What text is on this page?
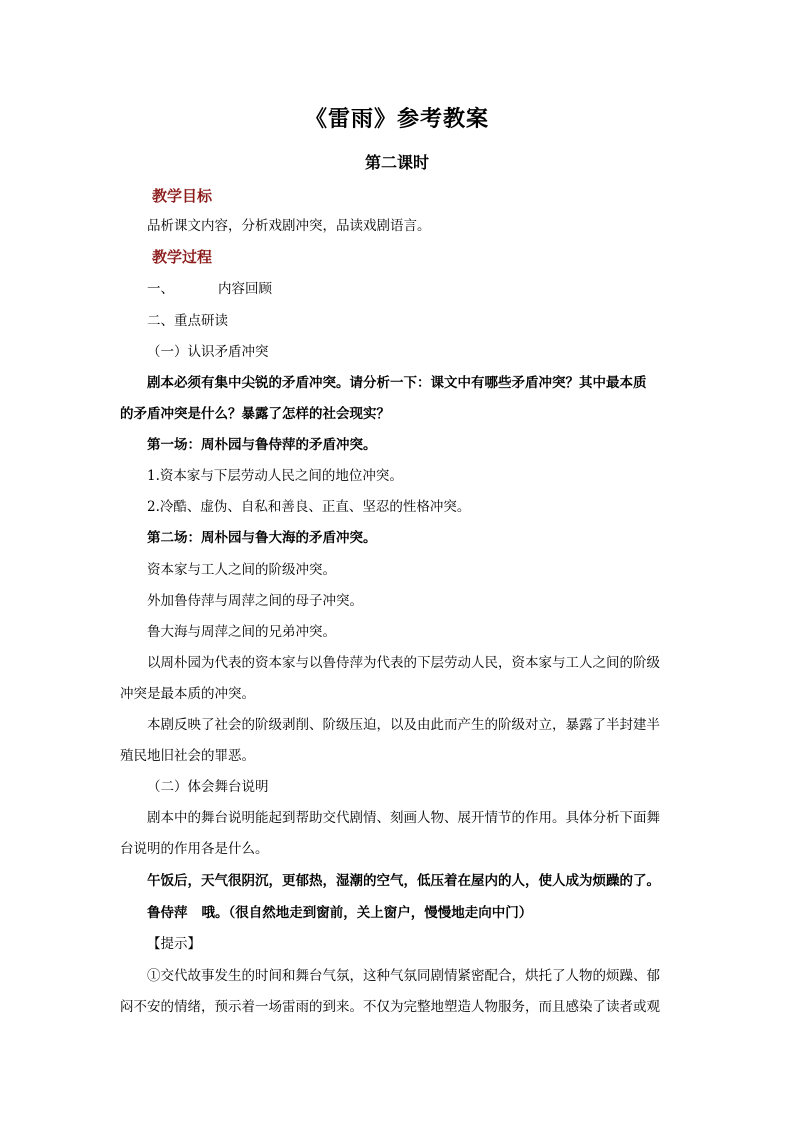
《雷雨》参考教案
第二课时
教学目标
品析课文内容，分析戏剧冲突，品读戏剧语言。
教学过程
一、	内容回顾
二、重点研读
（一）认识矛盾冲突
剧本必须有集中尖锐的矛盾冲突。请分析一下：课文中有哪些矛盾冲突？其中最本质
的矛盾冲突是什么？暴露了怎样的社会现实？
第一场：周朴园与鲁侍萍的矛盾冲突。
1.资本家与下层劳动人民之间的地位冲突。
2.冷酷、虚伪、自私和善良、正直、坚忍的性格冲突。
第二场：周朴园与鲁大海的矛盾冲突。
资本家与工人之间的阶级冲突。
外加鲁侍萍与周萍之间的母子冲突。
鲁大海与周萍之间的兄弟冲突。
以周朴园为代表的资本家与以鲁侍萍为代表的下层劳动人民，资本家与工人之间的阶级
冲突是最本质的冲突。
本剧反映了社会的阶级剥削、阶级压迫，以及由此而产生的阶级对立，暴露了半封建半
殖民地旧社会的罪恶。
（二）体会舞台说明
剧本中的舞台说明能起到帮助交代剧情、刻画人物、展开情节的作用。具体分析下面舞
台说明的作用各是什么。
午饭后，天气很阴沉，更郁热，湿潮的空气，低压着在屋内的人，使人成为烦躁的了。
鲁侍萍 哦。（很自然地走到窗前，关上窗户，慢慢地走向中门）
【提示】
①交代故事发生的时间和舞台气氛，这种气氛同剧情紧密配合，烘托了人物的烦躁、郁
闷不安的情绪，预示着一场雷雨的到来。不仅为完整地塑造人物服务，而且感染了读者或观
